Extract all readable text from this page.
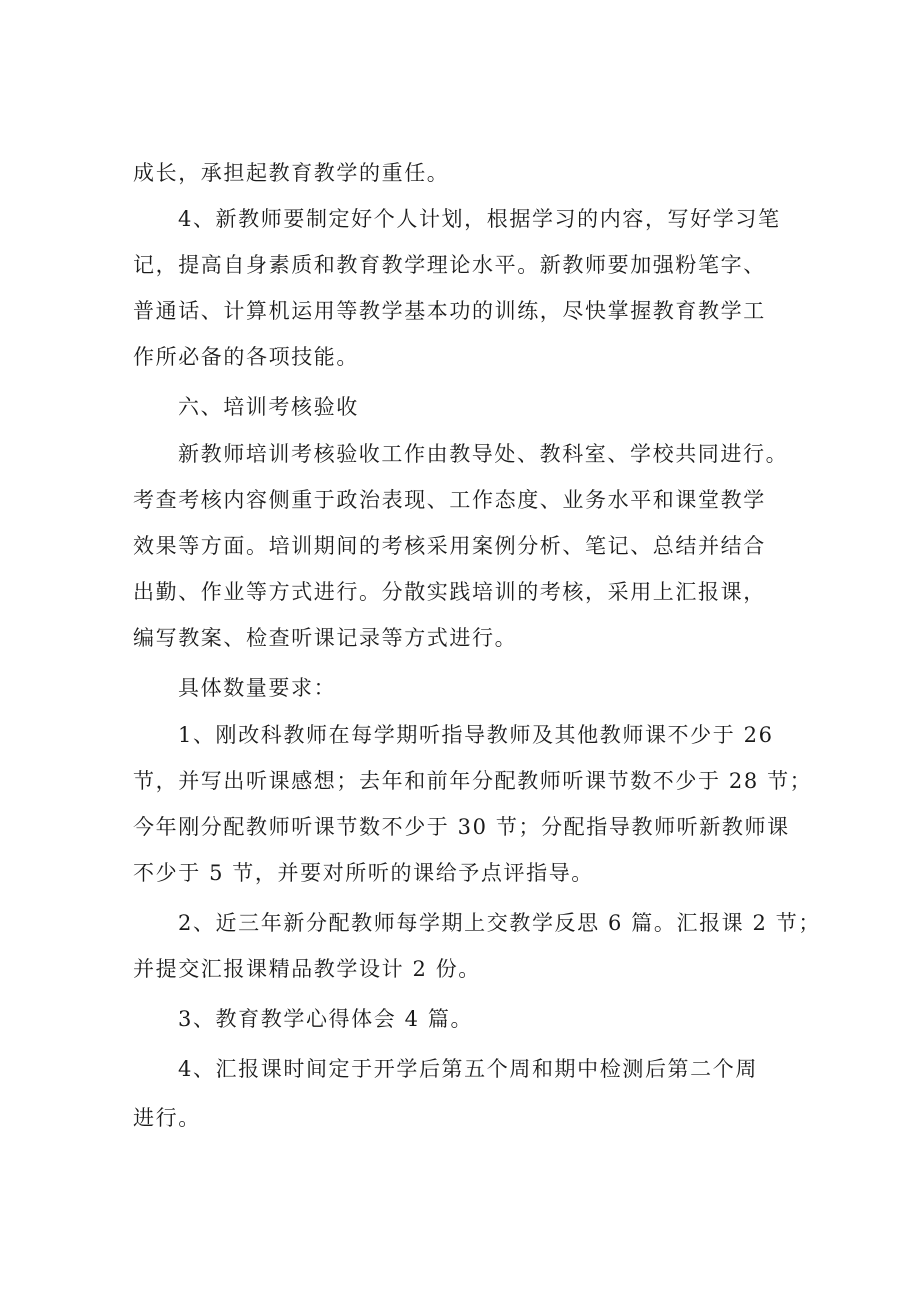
成长，承担起教育教学的重任。
4、新教师要制定好个人计划，根据学习的内容，写好学习笔
记，提高自身素质和教育教学理论水平。新教师要加强粉笔字、
普通话、计算机运用等教学基本功的训练，尽快掌握教育教学工
作所必备的各项技能。
六、培训考核验收
新教师培训考核验收工作由教导处、教科室、学校共同进行。
考查考核内容侧重于政治表现、工作态度、业务水平和课堂教学
效果等方面。培训期间的考核采用案例分析、笔记、总结并结合
出勤、作业等方式进行。分散实践培训的考核，采用上汇报课，
编写教案、检查听课记录等方式进行。
具体数量要求：
1、刚改科教师在每学期听指导教师及其他教师课不少于 26
节，并写出听课感想；去年和前年分配教师听课节数不少于 28 节；
今年刚分配教师听课节数不少于 30 节；分配指导教师听新教师课
不少于 5 节，并要对所听的课给予点评指导。
2、近三年新分配教师每学期上交教学反思 6 篇。汇报课 2 节；
并提交汇报课精品教学设计 2 份。
3、教育教学心得体会 4 篇。
4、汇报课时间定于开学后第五个周和期中检测后第二个周
进行。
